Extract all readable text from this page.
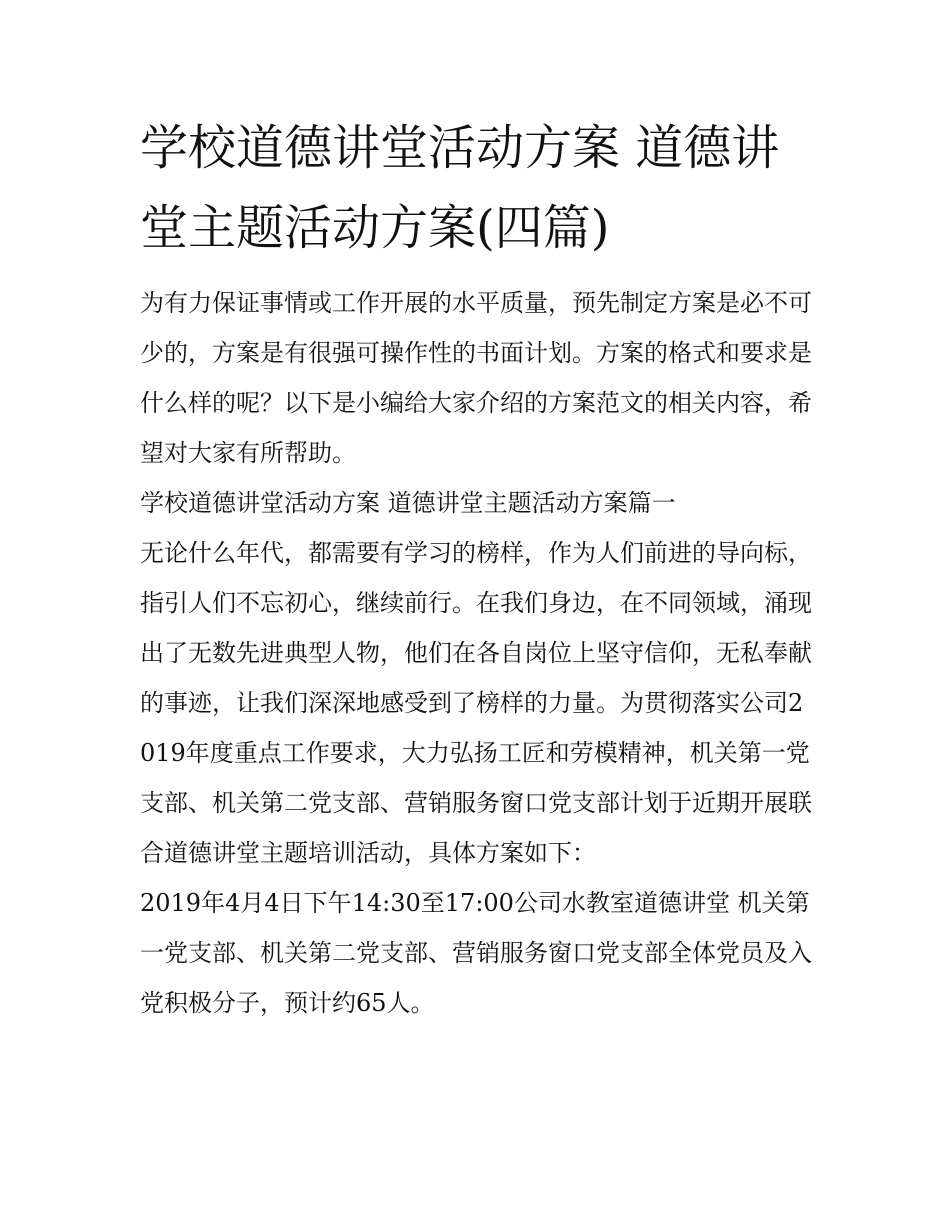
学校道德讲堂活动方案 道德讲堂主题活动方案(四篇)

为有力保证事情或工作开展的水平质量，预先制定方案是必不可少的，方案是有很强可操作性的书面计划。方案的格式和要求是什么样的呢？以下是小编给大家介绍的方案范文的相关内容，希望对大家有所帮助。

学校道德讲堂活动方案 道德讲堂主题活动方案篇一

无论什么年代，都需要有学习的榜样，作为人们前进的导向标，指引人们不忘初心，继续前行。在我们身边，在不同领域，涌现出了无数先进典型人物，他们在各自岗位上坚守信仰，无私奉献的事迹，让我们深深地感受到了榜样的力量。为贯彻落实公司2019年度重点工作要求，大力弘扬工匠和劳模精神，机关第一党支部、机关第二党支部、营销服务窗口党支部计划于近期开展联合道德讲堂主题培训活动，具体方案如下：

2019年4月4日下午14:30至17:00公司水教室道德讲堂 机关第一党支部、机关第二党支部、营销服务窗口党支部全体党员及入党积极分子，预计约65人。
